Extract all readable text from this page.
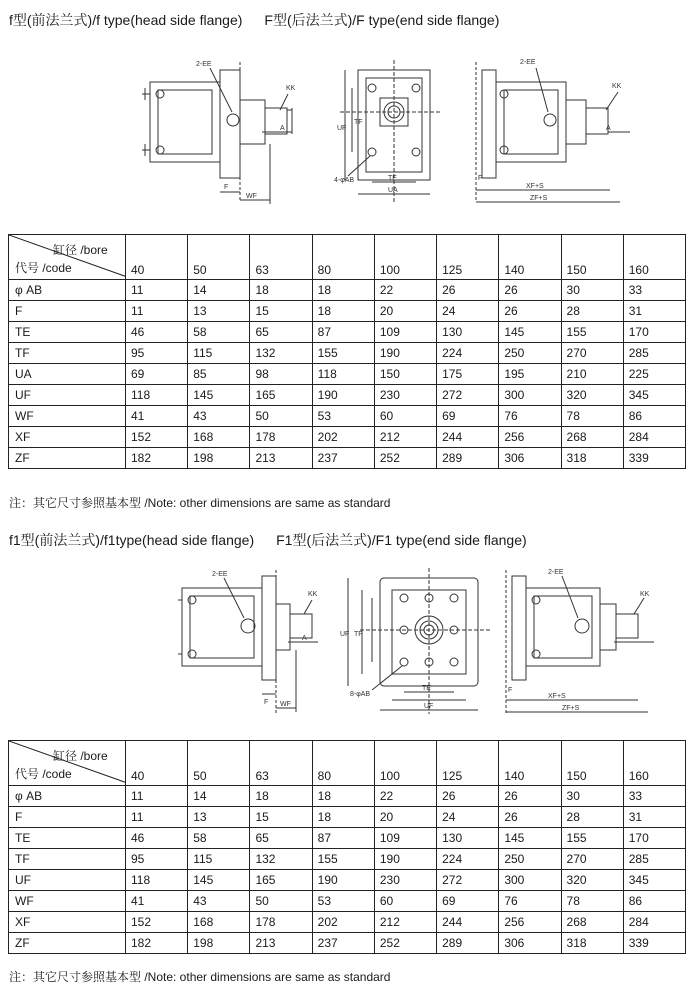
f型(前法兰式)/f type(head side flange) F型(后法兰式)/F type(end side flange)
2-EE
KK
A
F
WF
UF
TF
4-φAB	TE
UA
2-EE
KK
A
F
XF+S
ZF+S
缸径 /bore
代号 /code	40	50	63	80	100	125	140	150	160
φ AB	11	14	18	18	22	26	26	30	33
F	11	13	15	18	20	24	26	28	31
TE	46	58	65	87	109	130	145	155	170
TF	95	115	132	155	190	224	250	270	285
UA	69	85	98	118	150	175	195	210	225
UF	118	145	165	190	230	272	300	320	345
WF	41	43	50	53	60	69	76	78	86
XF	152	168	178	202	212	244	256	268	284
ZF	182	198	213	237	252	289	306	318	339
注：其它尺寸参照基本型 /Note: other dimensions are same as standard
f1型(前法兰式)/f1type(head side flange) F1型(后法兰式)/F1 type(end side flange)
2-EE
KK
A
F WF
UF TF
8-φAB
TE
UF
2-EE
KK
F
XF+S
ZF+S
缸径 /bore
代号 /code	40	50	63	80	100	125	140	150	160
φ AB	11	14	18	18	22	26	26	30	33
F	11	13	15	18	20	24	26	28	31
TE	46	58	65	87	109	130	145	155	170
TF	95	115	132	155	190	224	250	270	285
UF	118	145	165	190	230	272	300	320	345
WF	41	43	50	53	60	69	76	78	86
XF	152	168	178	202	212	244	256	268	284
ZF	182	198	213	237	252	289	306	318	339
注：其它尺寸参照基本型 /Note: other dimensions are same as standard
